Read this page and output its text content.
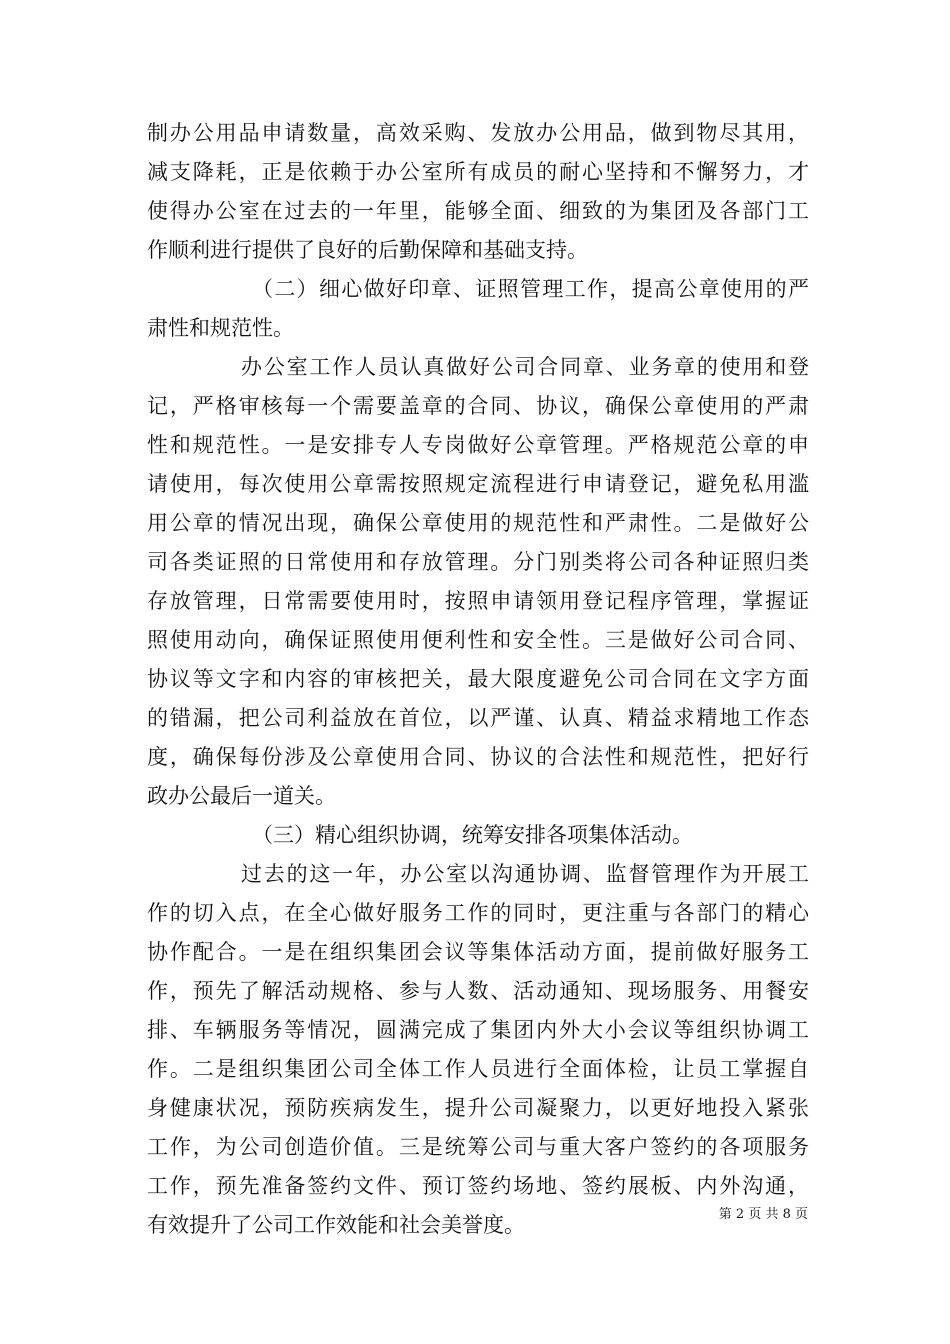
制办公用品申请数量，高效采购、发放办公用品，做到物尽其用，
减支降耗，正是依赖于办公室所有成员的耐心坚持和不懈努力，才
使得办公室在过去的一年里，能够全面、细致的为集团及各部门工
作顺利进行提供了良好的后勤保障和基础支持。
（二）细心做好印章、证照管理工作，提高公章使用的严
肃性和规范性。
办公室工作人员认真做好公司合同章、业务章的使用和登
记，严格审核每一个需要盖章的合同、协议，确保公章使用的严肃
性和规范性。一是安排专人专岗做好公章管理。严格规范公章的申
请使用，每次使用公章需按照规定流程进行申请登记，避免私用滥
用公章的情况出现，确保公章使用的规范性和严肃性。二是做好公
司各类证照的日常使用和存放管理。分门别类将公司各种证照归类
存放管理，日常需要使用时，按照申请领用登记程序管理，掌握证
照使用动向，确保证照使用便利性和安全性。三是做好公司合同、
协议等文字和内容的审核把关，最大限度避免公司合同在文字方面
的错漏，把公司利益放在首位，以严谨、认真、精益求精地工作态
度，确保每份涉及公章使用合同、协议的合法性和规范性，把好行
政办公最后一道关。
（三）精心组织协调，统筹安排各项集体活动。
过去的这一年，办公室以沟通协调、监督管理作为开展工
作的切入点，在全心做好服务工作的同时，更注重与各部门的精心
协作配合。一是在组织集团会议等集体活动方面，提前做好服务工
作，预先了解活动规格、参与人数、活动通知、现场服务、用餐安
排、车辆服务等情况，圆满完成了集团内外大小会议等组织协调工
作。二是组织集团公司全体工作人员进行全面体检，让员工掌握自
身健康状况，预防疾病发生，提升公司凝聚力，以更好地投入紧张
工作，为公司创造价值。三是统筹公司与重大客户签约的各项服务
工作，预先准备签约文件、预订签约场地、签约展板、内外沟通，
有效提升了公司工作效能和社会美誉度。	第 2 页 共 8 页
